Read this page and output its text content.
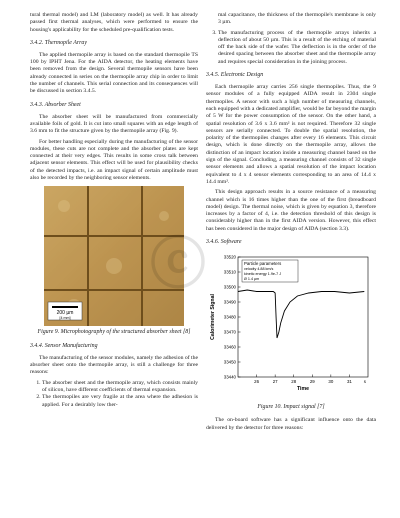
tural thermal model) and LM (laboratory model) as well. It has already passed first thermal analyses, which were performed to ensure the housing's applicability for the scheduled pre-qualification tests.

3.4.2. Thermopile Array

The applied thermopile array is based on the standard thermopile TS 100 by IPHT Jena. For the AIDA detector, the heating elements have been removed from the design. Several thermopile sensors have been already connected in series on the thermopile array chip in order to limit the number of channels. This serial connection and its consequences will be discussed in section 3.4.5.

3.4.3. Absorber Sheet

The absorber sheet will be manufactured from commercially available foils of gold. It is cut into small squares with an edge length of 3.6 mm to fit the structure given by the thermopile array (Fig. 9).

For better handling especially during the manufacturing of the sensor modules, these cuts are not complete and the absorber plates are kept connected at their very edges. This results in some cross talk between adjacent sensor elements. This effect will be used for plausibility checks of the detected impacts, i.e. an impact signal of certain amplitude must also be recorded by the neighboring sensor elements.

200 µm
[4 mm]
Figure 9. Microphotography of the structured absorber sheet [8]
3.4.4. Sensor Manufacturing

The manufacturing of the sensor modules, namely the adhesion of the absorber sheet onto the thermopile array, is still a challenge for three reasons:

1. The absorber sheet and the thermopile array, which consists mainly of silicon, have different coefficients of thermal expansion.
2. The thermopiles are very fragile at the area where the adhesion is applied. For a desirably low ther-

mal capacitance, the thickness of the thermopile's membrane is only 3 µm.

3. The manufacturing process of the thermopile arrays inherits a deflection of about 50 µm. This is a result of the etching of material off the back side of the wafer. The deflection is in the order of the desired spacing between the absorber sheet and the thermopile array and requires special consideration in the joining process.
3.4.5. Electronic Design

Each thermopile array carries 256 single thermopiles. Thus, the 9 sensor modules of a fully equipped AIDA result in 2304 single thermopiles. A sensor with such a high number of measuring channels, each equipped with a dedicated amplifier, would be far beyond the margin of 5 W for the power consumption of the sensor. On the other hand, a spatial resolution of 3.6 x 3.6 mm² is not required. Therefore 32 single sensors are serially connected. To double the spatial resolution, the polarity of the thermopiles changes after every 16 elements. This circuit design, which is done directly on the thermopile array, allows the distinction of an impact location inside a measuring channel based on the sign of the signal. Concluding, a measuring channel consists of 32 single sensor elements and allows a spatial resolution of the impact location equivalent to 4 x 4 sensor elements corresponding to an area of 14.4 x 14.4 mm².

This design approach results in a source resistance of a measuring channel which is 16 times higher than the one of the first (breadboard model) design. The thermal noise, which is given by equation 3, therefore increases by a factor of 4, i.e. the detection threshold of this design is considerably higher than in the first AIDA version. However, this effect has been considered in the major design of AIDA (section 3.3).

3.4.6. Software
33520
33510
33500
33490
33480
33470
33460
33450
33440
26	27	28	29	30	31	s
Time
Calorimeter Signal
Particle parameters
velocity 4.88 km/s
kinetic energy 1.9e-7 J
Ø 1.4 µm
Figure 10. Impact signal [7]

The on-board software has a significant influence onto the data delivered by the detector for three reasons:
